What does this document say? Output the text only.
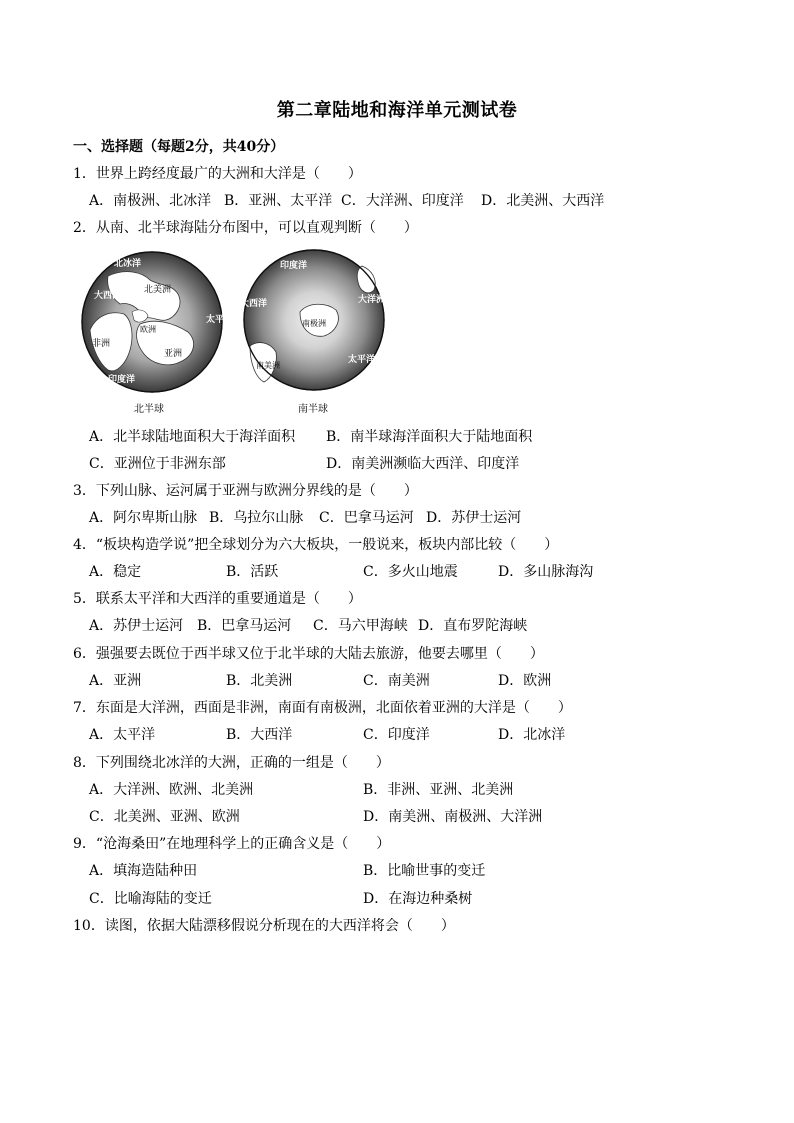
第二章陆地和海洋单元测试卷
一、选择题（每题2分，共40分）
1．世界上跨经度最广的大洲和大洋是（　　）
A．南极洲、北冰洋 B．亚洲、太平洋 C．大洋洲、印度洋 D．北美洲、大西洋
2．从南、北半球海陆分布图中，可以直观判断（　　）
北冰洋
北美洲
欧洲
亚洲
非洲
太平洋
大西洋
印度洋
北半球
印度洋
南极洲
大洋洲
南美洲
大西洋
太平洋
南半球
A．北半球陆地面积大于海洋面积 B．南半球海洋面积大于陆地面积
C．亚洲位于非洲东部	D．南美洲濒临大西洋、印度洋
3．下列山脉、运河属于亚洲与欧洲分界线的是（　　）
A．阿尔卑斯山脉 B．乌拉尔山脉 C．巴拿马运河 D．苏伊士运河
4．“板块构造学说”把全球划分为六大板块，一般说来，板块内部比较（　　）
A．稳定	B．活跃	C．多火山地震	D．多山脉海沟
5．联系太平洋和大西洋的重要通道是（　　）
A．苏伊士运河 B．巴拿马运河 C．马六甲海峡 D．直布罗陀海峡
6．强强要去既位于西半球又位于北半球的大陆去旅游，他要去哪里（　　）
A．亚洲	B．北美洲	C．南美洲	D．欧洲
7．东面是大洋洲，西面是非洲，南面有南极洲，北面依着亚洲的大洋是（　　）
A．太平洋	B．大西洋	C．印度洋	D．北冰洋
8．下列围绕北冰洋的大洲，正确的一组是（　　）
A．大洋洲、欧洲、北美洲	B．非洲、亚洲、北美洲
C．北美洲、亚洲、欧洲	D．南美洲、南极洲、大洋洲
9．“沧海桑田”在地理科学上的正确含义是（　　）
A．填海造陆种田	B．比喻世事的变迁
C．比喻海陆的变迁	D．在海边种桑树
10．读图，依据大陆漂移假说分析现在的大西洋将会（　　）
